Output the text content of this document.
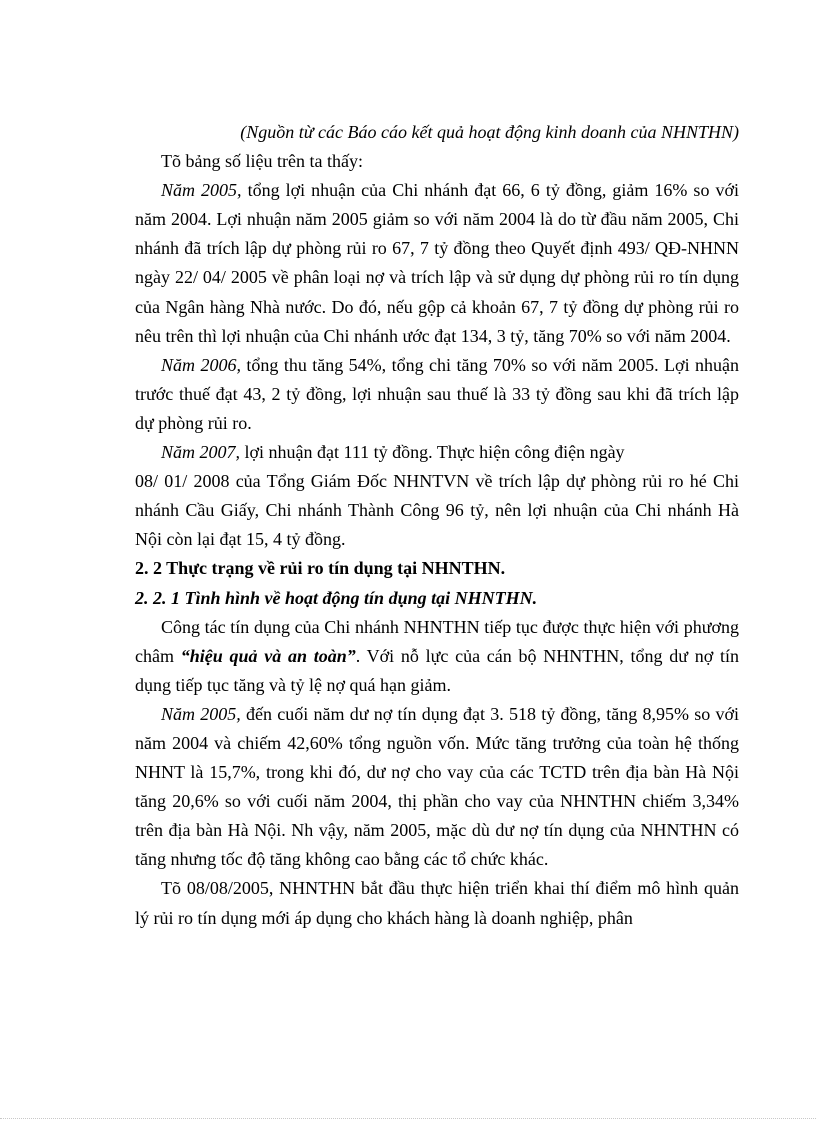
(Nguồn từ các Báo cáo kết quả hoạt động kinh doanh của NHNTHN)

Tõ bảng số liệu trên ta thấy:

Năm 2005, tổng lợi nhuận của Chi nhánh đạt 66, 6 tỷ đồng, giảm 16% so với năm 2004. Lợi nhuận năm 2005 giảm so với năm 2004 là do từ đầu năm 2005, Chi nhánh đã trích lập dự phòng rủi ro 67, 7 tỷ đồng theo Quyết định 493/ QĐ-NHNN ngày 22/ 04/ 2005 về phân loại nợ và trích lập và sử dụng dự phòng rủi ro tín dụng của Ngân hàng Nhà nước. Do đó, nếu gộp cả khoản 67, 7 tỷ đồng dự phòng rủi ro nêu trên thì lợi nhuận của Chi nhánh ước đạt 134, 3 tỷ, tăng 70% so với năm 2004.

Năm 2006, tổng thu tăng 54%, tổng chi tăng 70% so với năm 2005. Lợi nhuận trước thuế đạt 43, 2 tỷ đồng, lợi nhuận sau thuế là 33 tỷ đồng sau khi đã trích lập dự phòng rủi ro.

Năm 2007, lợi nhuận đạt 111 tỷ đồng. Thực hiện công điện ngày

08/ 01/ 2008 của Tổng Giám Đốc NHNTVN về trích lập dự phòng rủi ro hé Chi nhánh Cầu Giấy, Chi nhánh Thành Công 96 tỷ, nên lợi nhuận của Chi nhánh Hà Nội còn lại đạt 15, 4 tỷ đồng.

2. 2 Thực trạng về rủi ro tín dụng tại NHNTHN.

2. 2. 1 Tình hình về hoạt động tín dụng tại NHNTHN.

Công tác tín dụng của Chi nhánh NHNTHN tiếp tục được thực hiện với phương châm “hiệu quả và an toàn”. Với nỗ lực của cán bộ NHNTHN, tổng dư nợ tín dụng tiếp tục tăng và tỷ lệ nợ quá hạn giảm.

Năm 2005, đến cuối năm dư nợ tín dụng đạt 3. 518 tỷ đồng, tăng 8,95% so với năm 2004 và chiếm 42,60% tổng nguồn vốn. Mức tăng trưởng của toàn hệ thống NHNT là 15,7%, trong khi đó, dư nợ cho vay của các TCTD trên địa bàn Hà Nội tăng 20,6% so với cuối năm 2004, thị phần cho vay của NHNTHN chiếm 3,34% trên địa bàn Hà Nội. Nh vậy, năm 2005, mặc dù dư nợ tín dụng của NHNTHN có tăng nhưng tốc độ tăng không cao bằng các tổ chức khác.

Tõ 08/08/2005, NHNTHN bắt đầu thực hiện triển khai thí điểm mô hình quản lý rủi ro tín dụng mới áp dụng cho khách hàng là doanh nghiệp, phân
